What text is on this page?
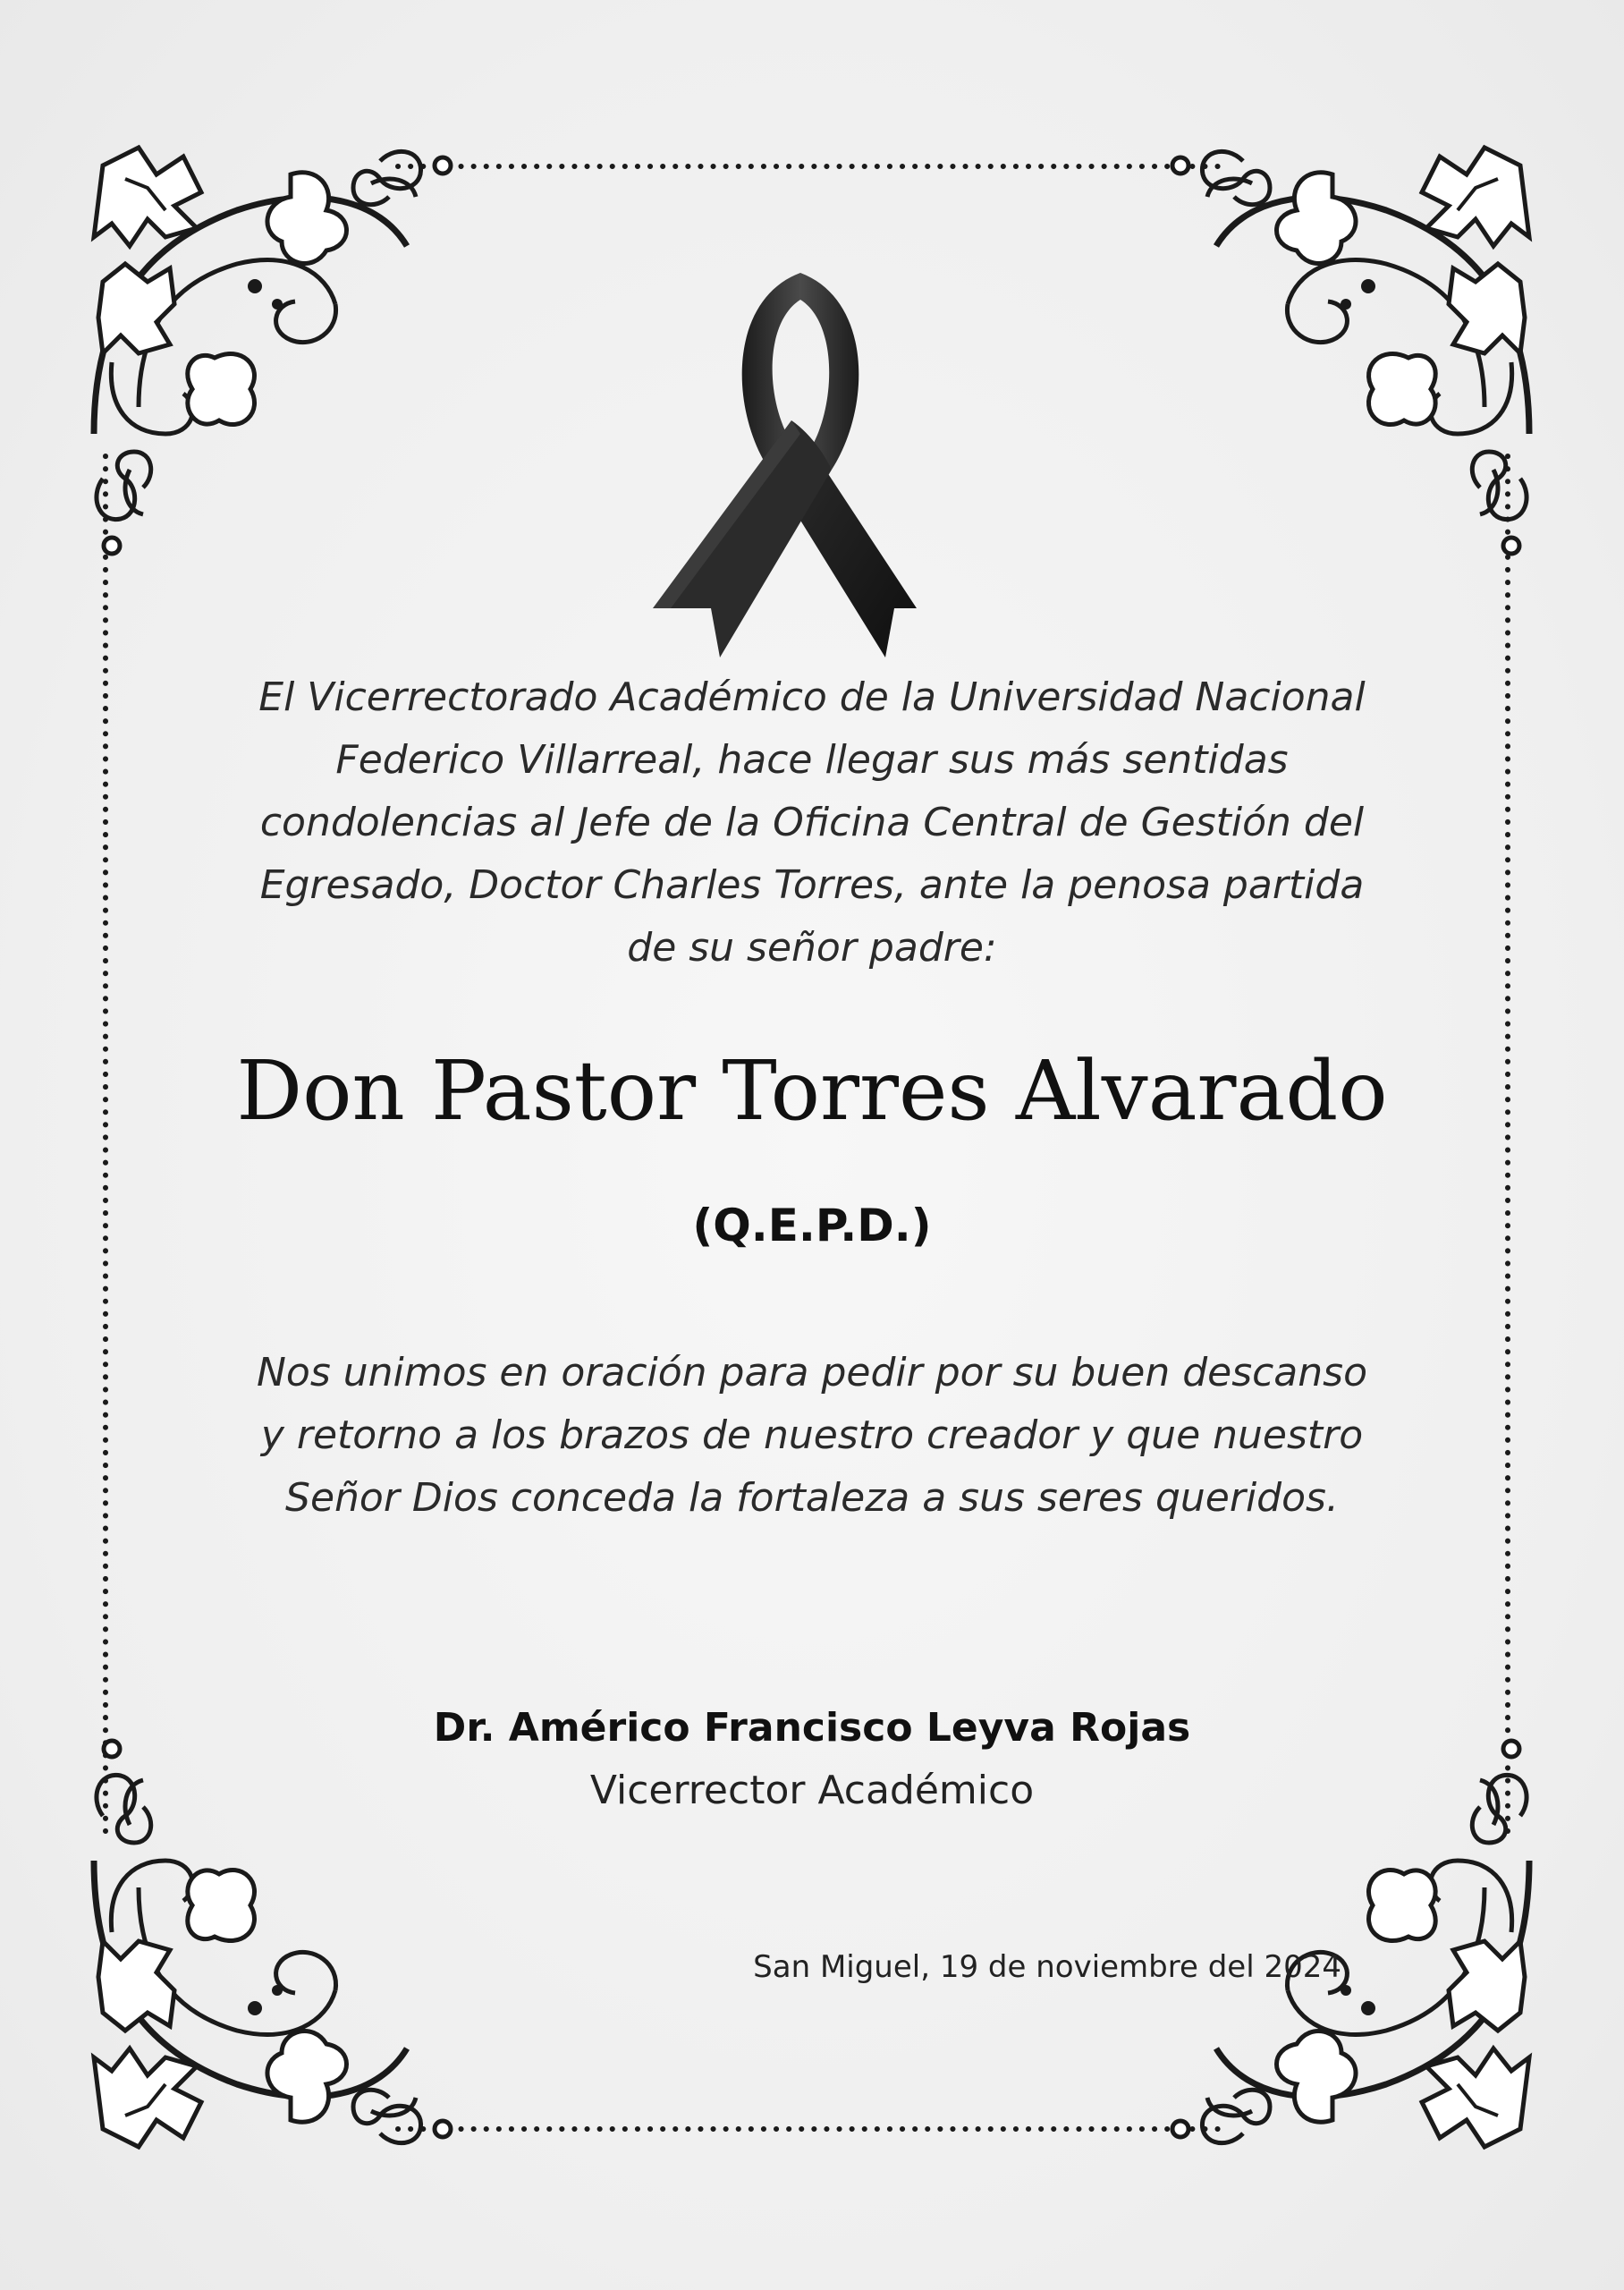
El Vicerrectorado Académico de la Universidad Nacional Federico Villarreal, hace llegar sus más sentidas condolencias al Jefe de la Oficina Central de Gestión del Egresado, Doctor Charles Torres, ante la penosa partida de su señor padre:
Don Pastor Torres Alvarado
(Q.E.P.D.)
Nos unimos en oración para pedir por su buen descanso y retorno a los brazos de nuestro creador y que nuestro Señor Dios conceda la fortaleza a sus seres queridos.
Dr. Américo Francisco Leyva Rojas
Vicerrector Académico
San Miguel, 19 de noviembre del 2024
